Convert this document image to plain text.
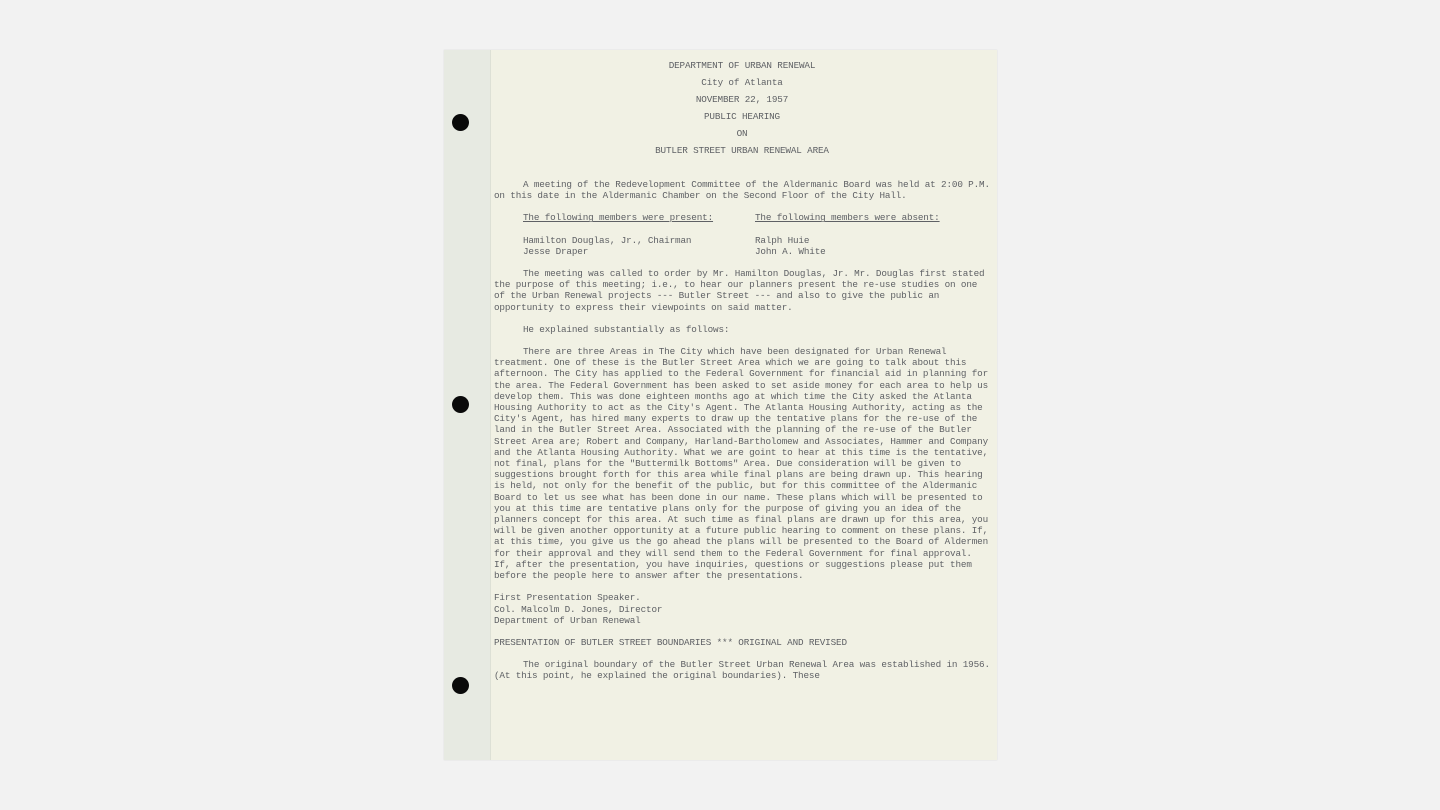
DEPARTMENT OF URBAN RENEWAL
City of Atlanta
NOVEMBER 22, 1957
PUBLIC HEARING
ON
BUTLER STREET URBAN RENEWAL AREA

A meeting of the Redevelopment Committee of the Aldermanic Board was held at 2:00 P.M. on this date in the Aldermanic Chamber on the Second Floor of the City Hall.

The following members were present:	The following members were absent:
Hamilton Douglas, Jr., Chairman	Ralph Huie
Jesse Draper	John A. White

The meeting was called to order by Mr. Hamilton Douglas, Jr. Mr. Douglas first stated the purpose of this meeting; i.e., to hear our planners present the re-use studies on one of the Urban Renewal projects --- Butler Street --- and also to give the public an opportunity to express their viewpoints on said matter.

He explained substantially as follows:

There are three Areas in The City which have been designated for Urban Renewal treatment. One of these is the Butler Street Area which we are going to talk about this afternoon. The City has applied to the Federal Government for financial aid in planning for the area. The Federal Government has been asked to set aside money for each area to help us develop them. This was done eighteen months ago at which time the City asked the Atlanta Housing Authority to act as the City's Agent. The Atlanta Housing Authority, acting as the City's Agent, has hired many experts to draw up the tentative plans for the re-use of the land in the Butler Street Area. Associated with the planning of the re-use of the Butler Street Area are; Robert and Company, Harland-Bartholomew and Associates, Hammer and Company and the Atlanta Housing Authority. What we are goint to hear at this time is the tentative, not final, plans for the "Buttermilk Bottoms" Area. Due consideration will be given to suggestions brought forth for this area while final plans are being drawn up. This hearing is held, not only for the benefit of the public, but for this committee of the Aldermanic Board to let us see what has been done in our name. These plans which will be presented to you at this time are tentative plans only for the purpose of giving you an idea of the planners concept for this area. At such time as final plans are drawn up for this area, you will be given another opportunity at a future public hearing to comment on these plans. If, at this time, you give us the go ahead the plans will be presented to the Board of Aldermen for their approval and they will send them to the Federal Government for final approval. If, after the presentation, you have inquiries, questions or suggestions please put them before the people here to answer after the presentations.

First Presentation Speaker.
Col. Malcolm D. Jones, Director
Department of Urban Renewal
PRESENTATION OF BUTLER STREET BOUNDARIES *** ORIGINAL AND REVISED

The original boundary of the Butler Street Urban Renewal Area was established in 1956. (At this point, he explained the original boundaries). These
